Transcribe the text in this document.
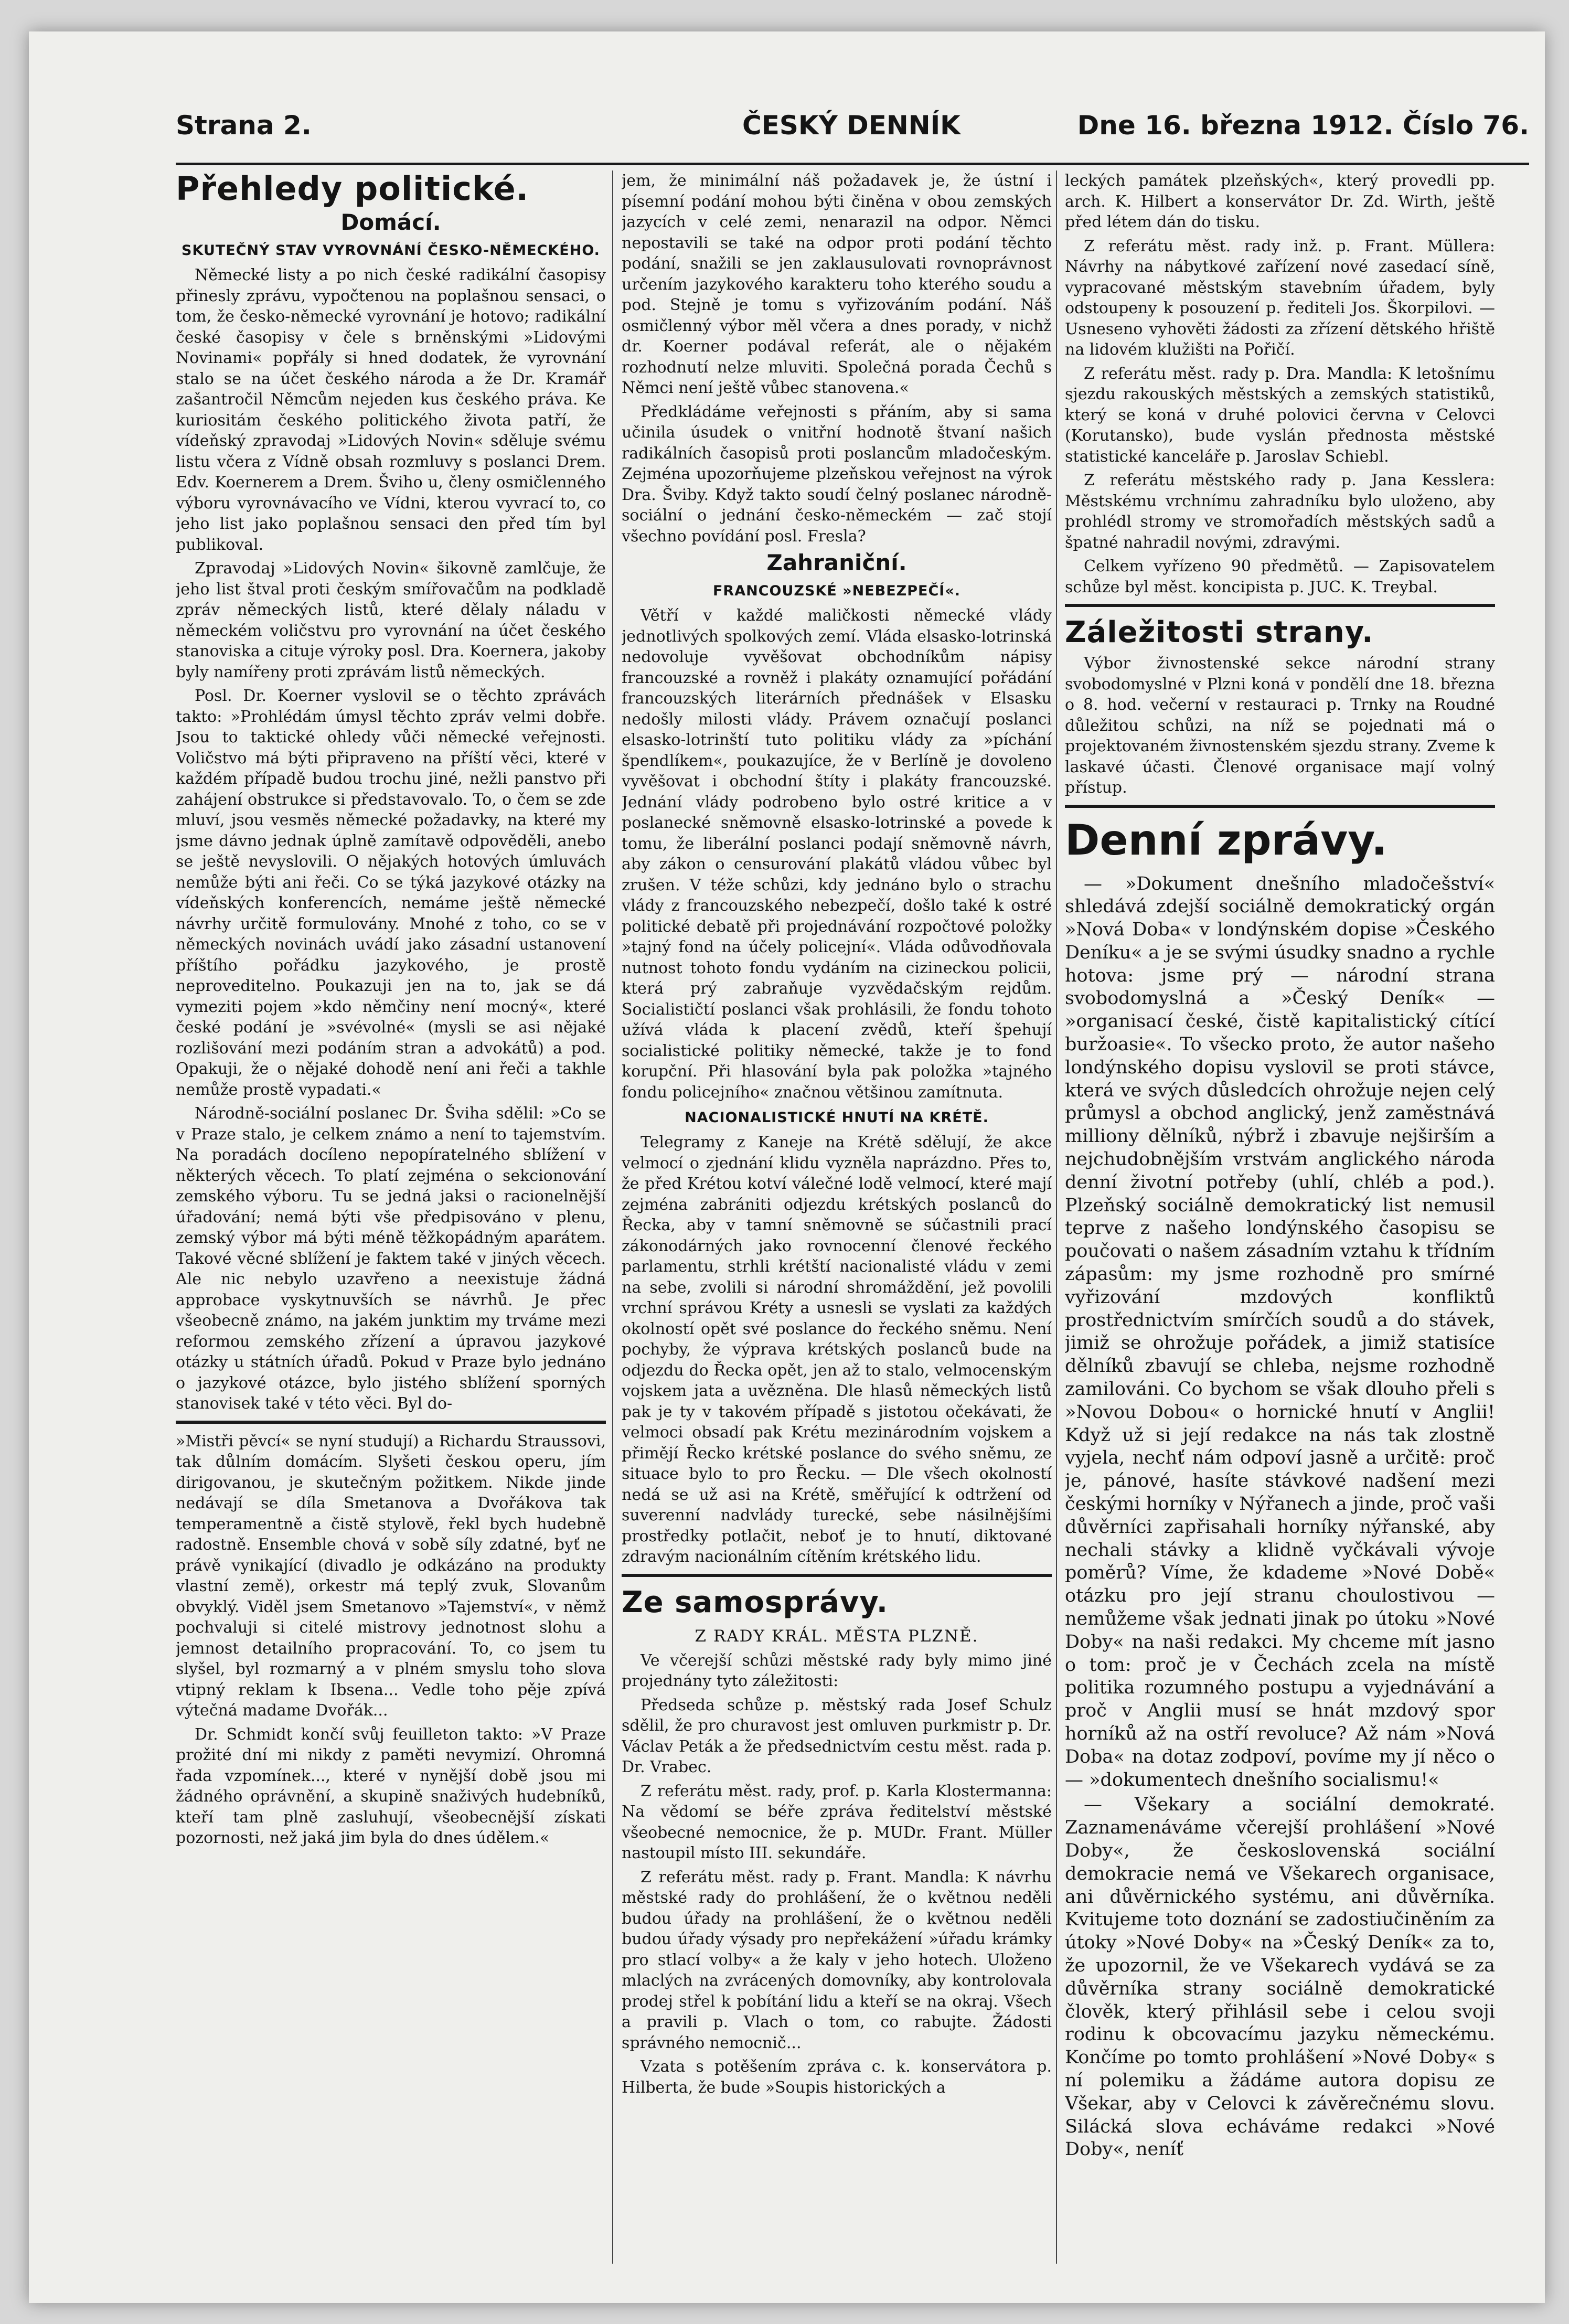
Strana 2.	ČESKÝ DENNÍK	Dne 16. března 1912. Číslo 76.
Přehledy politické.
Domácí.
SKUTEČNÝ STAV VYROVNÁNÍ ČESKO-NĚMECKÉHO.

Německé listy a po nich české radikální časopisy přinesly zprávu, vypočtenou na poplašnou sensaci, o tom, že česko-německé vyrovnání je hotovo; radikální české časopisy v čele s brněnskými »Lidovými Novinami« popřály si hned dodatek, že vyrovnání stalo se na účet českého národa a že Dr. Kramář zašantročil Němcům nejeden kus českého práva. Ke kuriositám českého politického života patří, že vídeňský zpravodaj »Lidových Novin« sděluje svému listu včera z Vídně obsah rozmluvy s poslanci Drem. Edv. Koernerem a Drem. Šviho u, členy osmičlenného výboru vyrovnávacího ve Vídni, kterou vyvrací to, co jeho list jako poplašnou sensaci den před tím byl publikoval.

Zpravodaj »Lidových Novin« šikovně zamlčuje, že jeho list štval proti českým smířovačům na podkladě zpráv německých listů, které dělaly náladu v německém voličstvu pro vyrovnání na účet českého stanoviska a cituje výroky posl. Dra. Koernera, jakoby byly namířeny proti zprávám listů německých.

Posl. Dr. Koerner vyslovil se o těchto zprávách takto: »Prohlédám úmysl těchto zpráv velmi dobře. Jsou to taktické ohledy vůči německé veřejnosti. Voličstvo má býti připraveno na příští věci, které v každém případě budou trochu jiné, nežli panstvo při zahájení obstrukce si představovalo. To, o čem se zde mluví, jsou vesměs německé požadavky, na které my jsme dávno jednak úplně zamítavě odpověděli, anebo se ještě nevyslovili. O nějakých hotových úmluvách nemůže býti ani řeči. Co se týká jazykové otázky na vídeňských konferencích, nemáme ještě německé návrhy určitě formulovány. Mnohé z toho, co se v německých novinách uvádí jako zásadní ustanovení příštího pořádku jazykového, je prostě neproveditelno. Poukazuji jen na to, jak se dá vymeziti pojem »kdo němčiny není mocný«, které české podání je »svévolné« (mysli se asi nějaké rozlišování mezi podáním stran a advokátů) a pod. Opakuji, že o nějaké dohodě není ani řeči a takhle nemůže prostě vypadati.«

Národně-sociální poslanec Dr. Šviha sdělil: »Co se v Praze stalo, je celkem známo a není to tajemstvím. Na poradách docíleno nepopíratelného sblížení v některých věcech. To platí zejména o sekcionování zemského výboru. Tu se jedná jaksi o racionelnější úřadování; nemá býti vše předpisováno v plenu, zemský výbor má býti méně těžkopádným aparátem. Takové věcné sblížení je faktem také v jiných věcech. Ale nic nebylo uzavřeno a neexistuje žádná approbace vyskytnuvších se návrhů. Je přec všeobecně známo, na jakém junktim my trváme mezi reformou zemského zřízení a úpravou jazykové otázky u státních úřadů. Pokud v Praze bylo jednáno o jazykové otázce, bylo jistého sblížení sporných stanovisek také v této věci. Byl do-

»Mistři pěvcí« se nyní studují) a Richardu Straussovi, tak důlním domácím. Slyšeti českou operu, jím dirigovanou, je skutečným požitkem. Nikde jinde nedávají se díla Smetanova a Dvořákova tak temperamentně a čistě stylově, řekl bych hudebně radostně. Ensemble chová v sobě síly zdatné, byť ne právě vynikající (divadlo je odkázáno na produkty vlastní země), orkestr má teplý zvuk, Slovanům obvyklý. Viděl jsem Smetanovo »Tajemství«, v němž pochvaluji si citelé mistrovy jednotnost slohu a jemnost detailního propracování. To, co jsem tu slyšel, byl rozmarný a v plném smyslu toho slova vtipný reklam k Ibsena... Vedle toho pěje zpívá výtečná madame Dvořák...

Dr. Schmidt končí svůj feuilleton takto: »V Praze prožité dní mi nikdy z paměti nevymizí. Ohromná řada vzpomínek..., které v nynější době jsou mi žádného oprávnění, a skupině snaživých hudebníků, kteří tam plně zasluhují, všeobecnější získati pozornosti, než jaká jim byla do dnes údělem.«

jem, že minimální náš požadavek je, že ústní i písemní podání mohou býti činěna v obou zemských jazycích v celé zemi, nenarazil na odpor. Němci nepostavili se také na odpor proti podání těchto podání, snažili se jen zaklausulovati rovnoprávnost určením jazykového karakteru toho kterého soudu a pod. Stejně je tomu s vyřizováním podání. Náš osmičlenný výbor měl včera a dnes porady, v nichž dr. Koerner podával referát, ale o nějakém rozhodnutí nelze mluviti. Společná porada Čechů s Němci není ještě vůbec stanovena.«

Předkládáme veřejnosti s přáním, aby si sama učinila úsudek o vnitřní hodnotě štvaní našich radikálních časopisů proti poslancům mladočeským. Zejména upozorňujeme plzeňskou veřejnost na výrok Dra. Šviby. Když takto soudí čelný poslanec národně-sociální o jednání česko-německém — zač stojí všechno povídání posl. Fresla?

Zahraniční.
FRANCOUZSKÉ »NEBEZPEČÍ«.

Větří v každé maličkosti německé vlády jednotlivých spolkových zemí. Vláda elsasko-lotrinská nedovoluje vyvěšovat obchodníkům nápisy francouzské a rovněž i plakáty oznamující pořádání francouzských literárních přednášek v Elsasku nedošly milosti vlády. Právem označují poslanci elsasko-lotrinští tuto politiku vlády za »píchání špendlíkem«, poukazujíce, že v Berlíně je dovoleno vyvěšovat i obchodní štíty i plakáty francouzské. Jednání vlády podrobeno bylo ostré kritice a v poslanecké sněmovně elsasko-lotrinské a povede k tomu, že liberální poslanci podají sněmovně návrh, aby zákon o censurování plakátů vládou vůbec byl zrušen. V téže schůzi, kdy jednáno bylo o strachu vlády z francouzského nebezpečí, došlo také k ostré politické debatě při projednávání rozpočtové položky »tajný fond na účely policejní«. Vláda odůvodňovala nutnost tohoto fondu vydáním na cizineckou policii, která prý zabraňuje vyzvědačským rejdům. Socialističtí poslanci však prohlásili, že fondu tohoto užívá vláda k placení zvědů, kteří špehují socialistické politiky německé, takže je to fond korupční. Při hlasování byla pak položka »tajného fondu policejního« značnou většinou zamítnuta.

NACIONALISTICKÉ HNUTÍ NA KRÉTĚ.

Telegramy z Kaneje na Krétě sdělují, že akce velmocí o zjednání klidu vyzněla naprázdno. Přes to, že před Krétou kotví válečné lodě velmocí, které mají zejména zabrániti odjezdu krétských poslanců do Řecka, aby v tamní sněmovně se súčastnili prací zákonodárných jako rovnocenní členové řeckého parlamentu, strhli krétští nacionalisté vládu v zemi na sebe, zvolili si národní shromáždění, jež povolili vrchní správou Kréty a usnesli se vyslati za každých okolností opět své poslance do řeckého sněmu. Není pochyby, že výprava krétských poslanců bude na odjezdu do Řecka opět, jen až to stalo, velmocenským vojskem jata a uvězněna. Dle hlasů německých listů pak je ty v takovém případě s jistotou očekávati, že velmoci obsadí pak Krétu mezinárodním vojskem a přimějí Řecko krétské poslance do svého sněmu, ze situace bylo to pro Řecku. — Dle všech okolností nedá se už asi na Krétě, směřující k odtržení od suverenní nadvlády turecké, sebe násilnějšími prostředky potlačit, neboť je to hnutí, diktované zdravým nacionálním cítěním krétského lidu.

Ze samosprávy.
Z RADY KRÁL. MĚSTA PLZNĚ.

Ve včerejší schůzi městské rady byly mimo jiné projednány tyto záležitosti:

Předseda schůze p. městský rada Josef Schulz sdělil, že pro churavost jest omluven purkmistr p. Dr. Václav Peták a že předsednictvím cestu měst. rada p. Dr. Vrabec.

Z referátu měst. rady, prof. p. Karla Klostermanna: Na vědomí se béře zpráva ředitelství městské všeobecné nemocnice, že p. MUDr. Frant. Müller nastoupil místo III. sekundáře.

Z referátu měst. rady p. Frant. Mandla: K návrhu městské rady do prohlášení, že o květnou neděli budou úřady na prohlášení, že o květnou neděli budou úřady výsady pro nepřekážení »úřadu krámky pro stlací volby« a že kaly v jeho hotech. Uloženo mlaclých na zvrácených domovníky, aby kontrolovala prodej střel k pobítání lidu a kteří se na okraj. Všech a pravili p. Vlach o tom, co rabujte. Žádosti správného nemocnič...

Vzata s potěšením zpráva c. k. konservátora p. Hilberta, že bude »Soupis historických a

leckých památek plzeňských«, který provedli pp. arch. K. Hilbert a konservátor Dr. Zd. Wirth, ještě před létem dán do tisku.

Z referátu měst. rady inž. p. Frant. Müllera: Návrhy na nábytkové zařízení nové zasedací síně, vypracované městským stavebním úřadem, byly odstoupeny k posouzení p. řediteli Jos. Škorpilovi. — Usneseno vyhověti žádosti za zřízení dětského hřiště na lidovém klužišti na Pořičí.

Z referátu měst. rady p. Dra. Mandla: K letošnímu sjezdu rakouských městských a zemských statistiků, který se koná v druhé polovici června v Celovci (Korutansko), bude vyslán přednosta městské statistické kanceláře p. Jaroslav Schiebl.

Z referátu městského rady p. Jana Kesslera: Městskému vrchnímu zahradníku bylo uloženo, aby prohlédl stromy ve stromořadích městských sadů a špatné nahradil novými, zdravými.

Celkem vyřízeno 90 předmětů. — Zapisovatelem schůze byl měst. koncipista p. JUC. K. Treybal.

Záležitosti strany.

Výbor živnostenské sekce národní strany svobodomyslné v Plzni koná v pondělí dne 18. března o 8. hod. večerní v restauraci p. Trnky na Roudné důležitou schůzi, na níž se pojednati má o projektovaném živnostenském sjezdu strany. Zveme k laskavé účasti. Členové organisace mají volný přístup.

Denní zprávy.

— »Dokument dnešního mladočešství« shledává zdejší sociálně demokratický orgán »Nová Doba« v londýnském dopise »Českého Deníku« a je se svými úsudky snadno a rychle hotova: jsme prý — národní strana svobodomyslná a »Český Deník« — »organisací české, čistě kapitalistický cítící buržoasie«. To všecko proto, že autor našeho londýnského dopisu vyslovil se proti stávce, která ve svých důsledcích ohrožuje nejen celý průmysl a obchod anglický, jenž zaměstnává milliony dělníků, nýbrž i zbavuje nejširším a nejchudobnějším vrstvám anglického národa denní životní potřeby (uhlí, chléb a pod.). Plzeňský sociálně demokratický list nemusil teprve z našeho londýnského časopisu se poučovati o našem zásadním vztahu k třídním zápasům: my jsme rozhodně pro smírné vyřizování mzdových konfliktů prostřednictvím smírčích soudů a do stávek, jimiž se ohrožuje pořádek, a jimiž statisíce dělníků zbavují se chleba, nejsme rozhodně zamilováni. Co bychom se však dlouho přeli s »Novou Dobou« o hornické hnutí v Anglii! Když už si její redakce na nás tak zlostně vyjela, nechť nám odpoví jasně a určitě: proč je, pánové, hasíte stávkové nadšení mezi českými horníky v Nýřanech a jinde, proč vaši důvěrníci zapřisahali horníky nýřanské, aby nechali stávky a klidně vyčkávali vývoje poměrů? Víme, že kdademe »Nové Době« otázku pro její stranu choulostivou — nemůžeme však jednati jinak po útoku »Nové Doby« na naši redakci. My chceme mít jasno o tom: proč je v Čechách zcela na místě politika rozumného postupu a vyjednávání a proč v Anglii musí se hnát mzdový spor horníků až na ostří revoluce? Až nám »Nová Doba« na dotaz zodpoví, povíme my jí něco o — »dokumentech dnešního socialismu!«

— Všekary a sociální demokraté. Zaznamenáváme včerejší prohlášení »Nové Doby«, že československá sociální demokracie nemá ve Všekarech organisace, ani důvěrnického systému, ani důvěrníka. Kvitujeme toto doznání se zadostiučiněním za útoky »Nové Doby« na »Český Deník« za to, že upozornil, že ve Všekarech vydává se za důvěrníka strany sociálně demokratické člověk, který přihlásil sebe i celou svoji rodinu k obcovacímu jazyku německému. Končíme po tomto prohlášení »Nové Doby« s ní polemiku a žádáme autora dopisu ze Všekar, aby v Celovci k závěrečnému slovu. Silácká slova echáváme redakci »Nové Doby«, neníť
